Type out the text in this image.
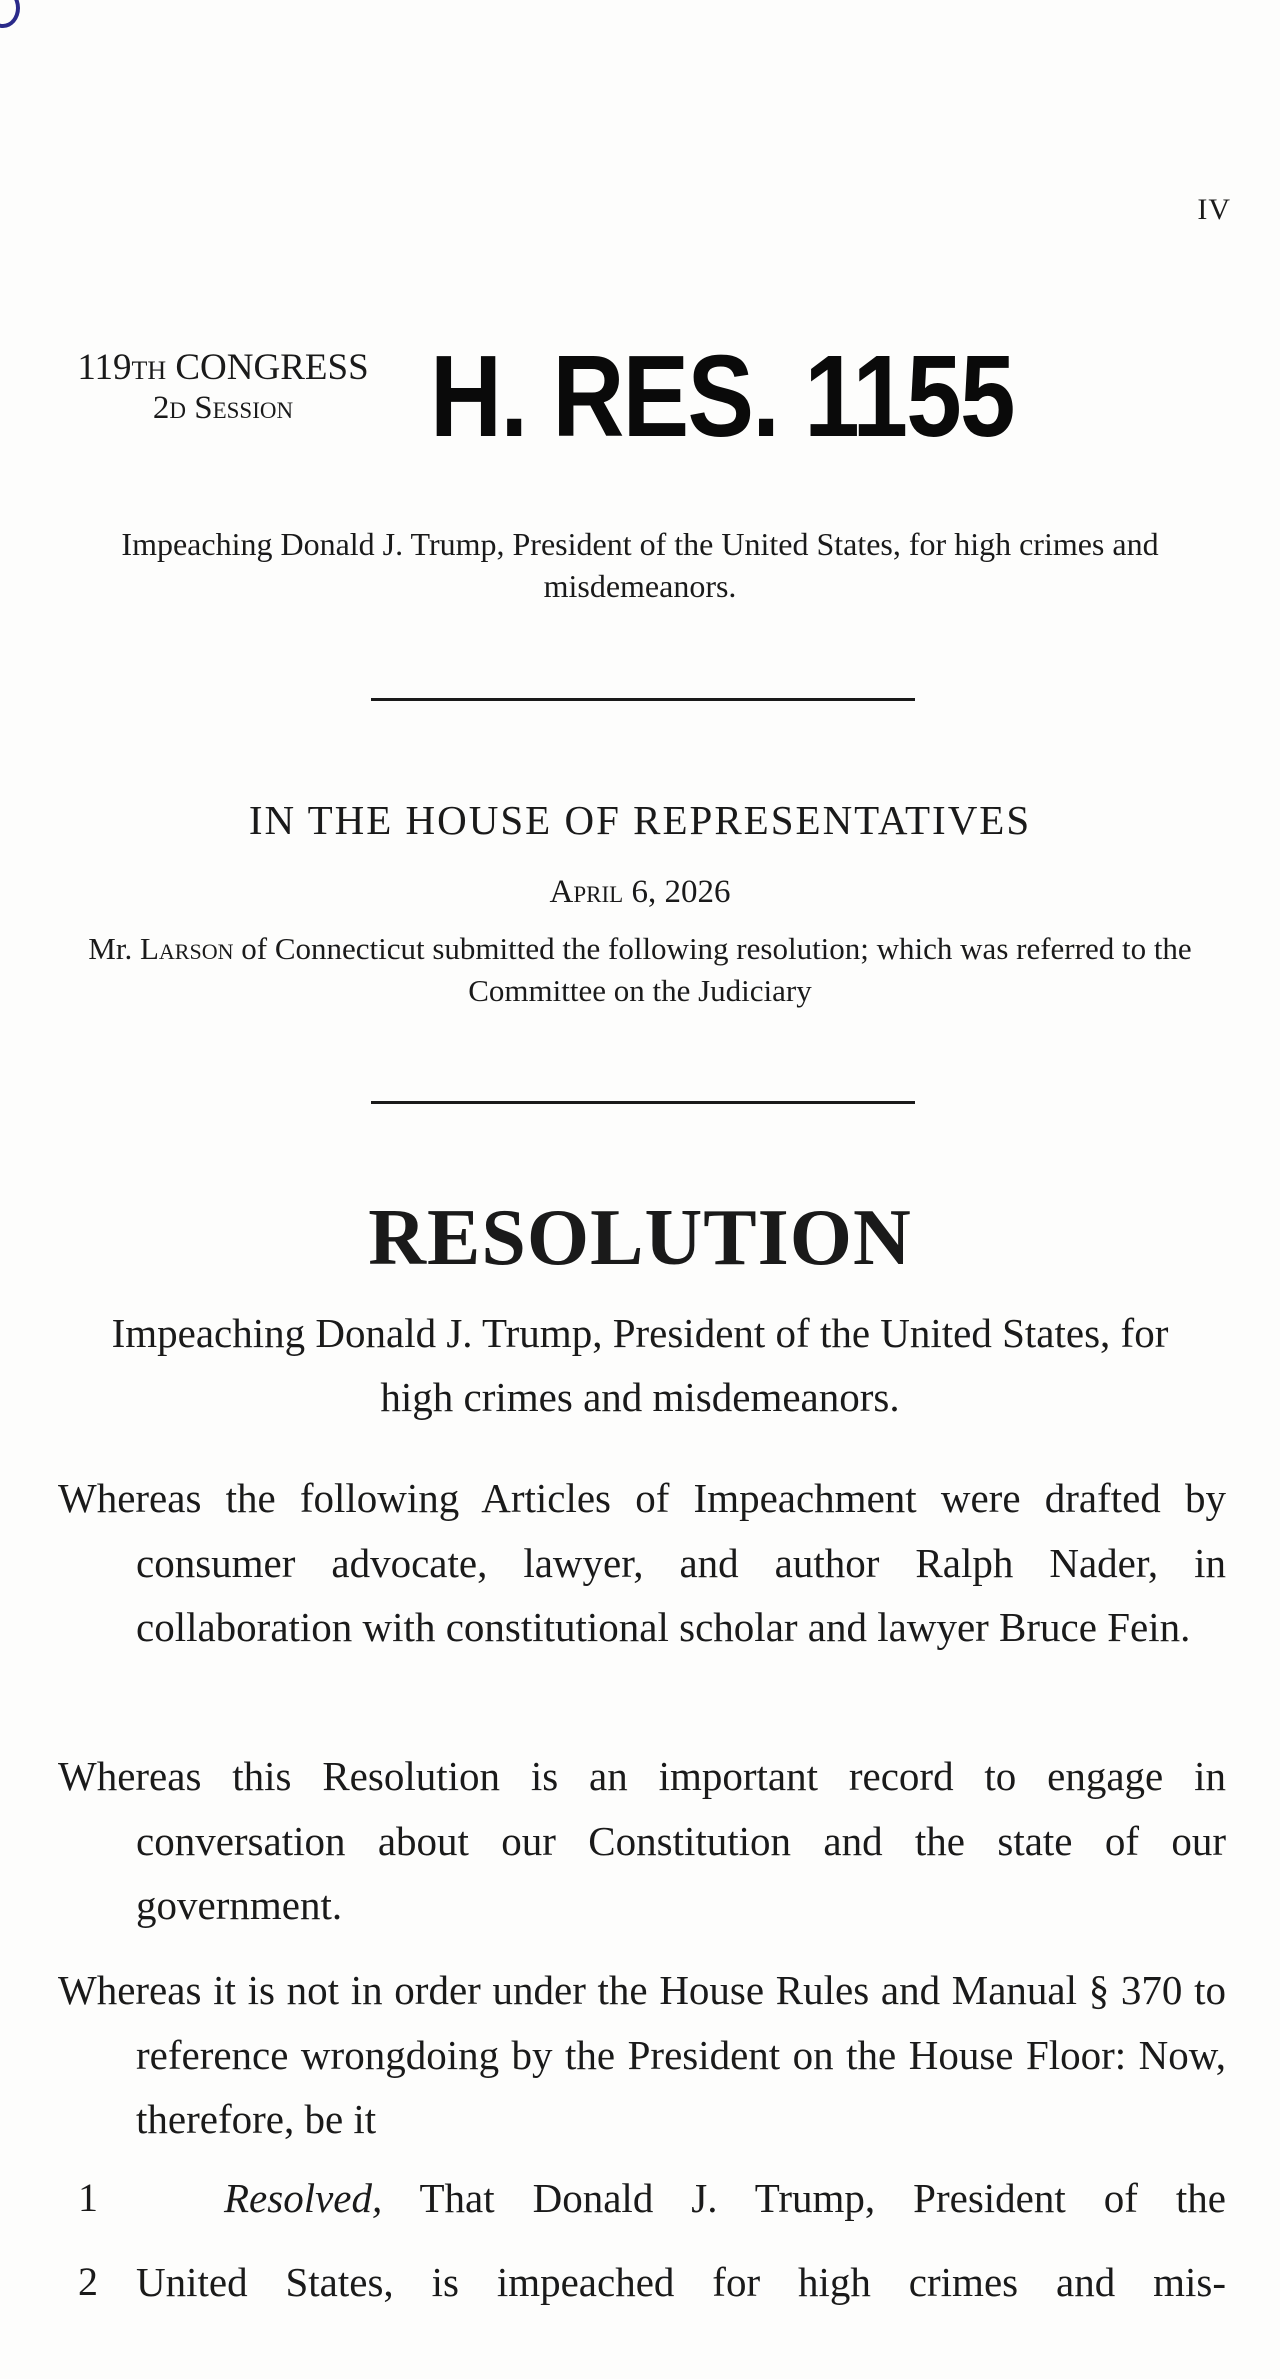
IV
119th CONGRESS
2d Session	H. RES. 1155
Impeaching Donald J. Trump, President of the United States, for high crimes and misdemeanors.
IN THE HOUSE OF REPRESENTATIVES
April 6, 2026
Mr. Larson of Connecticut submitted the following resolution; which was referred to the Committee on the Judiciary
RESOLUTION
Impeaching Donald J. Trump, President of the United States, for high crimes and misdemeanors.
Whereas the following Articles of Impeachment were drafted by consumer advocate, lawyer, and author Ralph Nader, in collaboration with constitutional scholar and lawyer Bruce Fein.
Whereas this Resolution is an important record to engage in conversation about our Constitution and the state of our government.
Whereas it is not in order under the House Rules and Manual § 370 to reference wrongdoing by the President on the House Floor: Now, therefore, be it
1	Resolved, That Donald J. Trump, President of the
2 United States, is impeached for high crimes and mis-
